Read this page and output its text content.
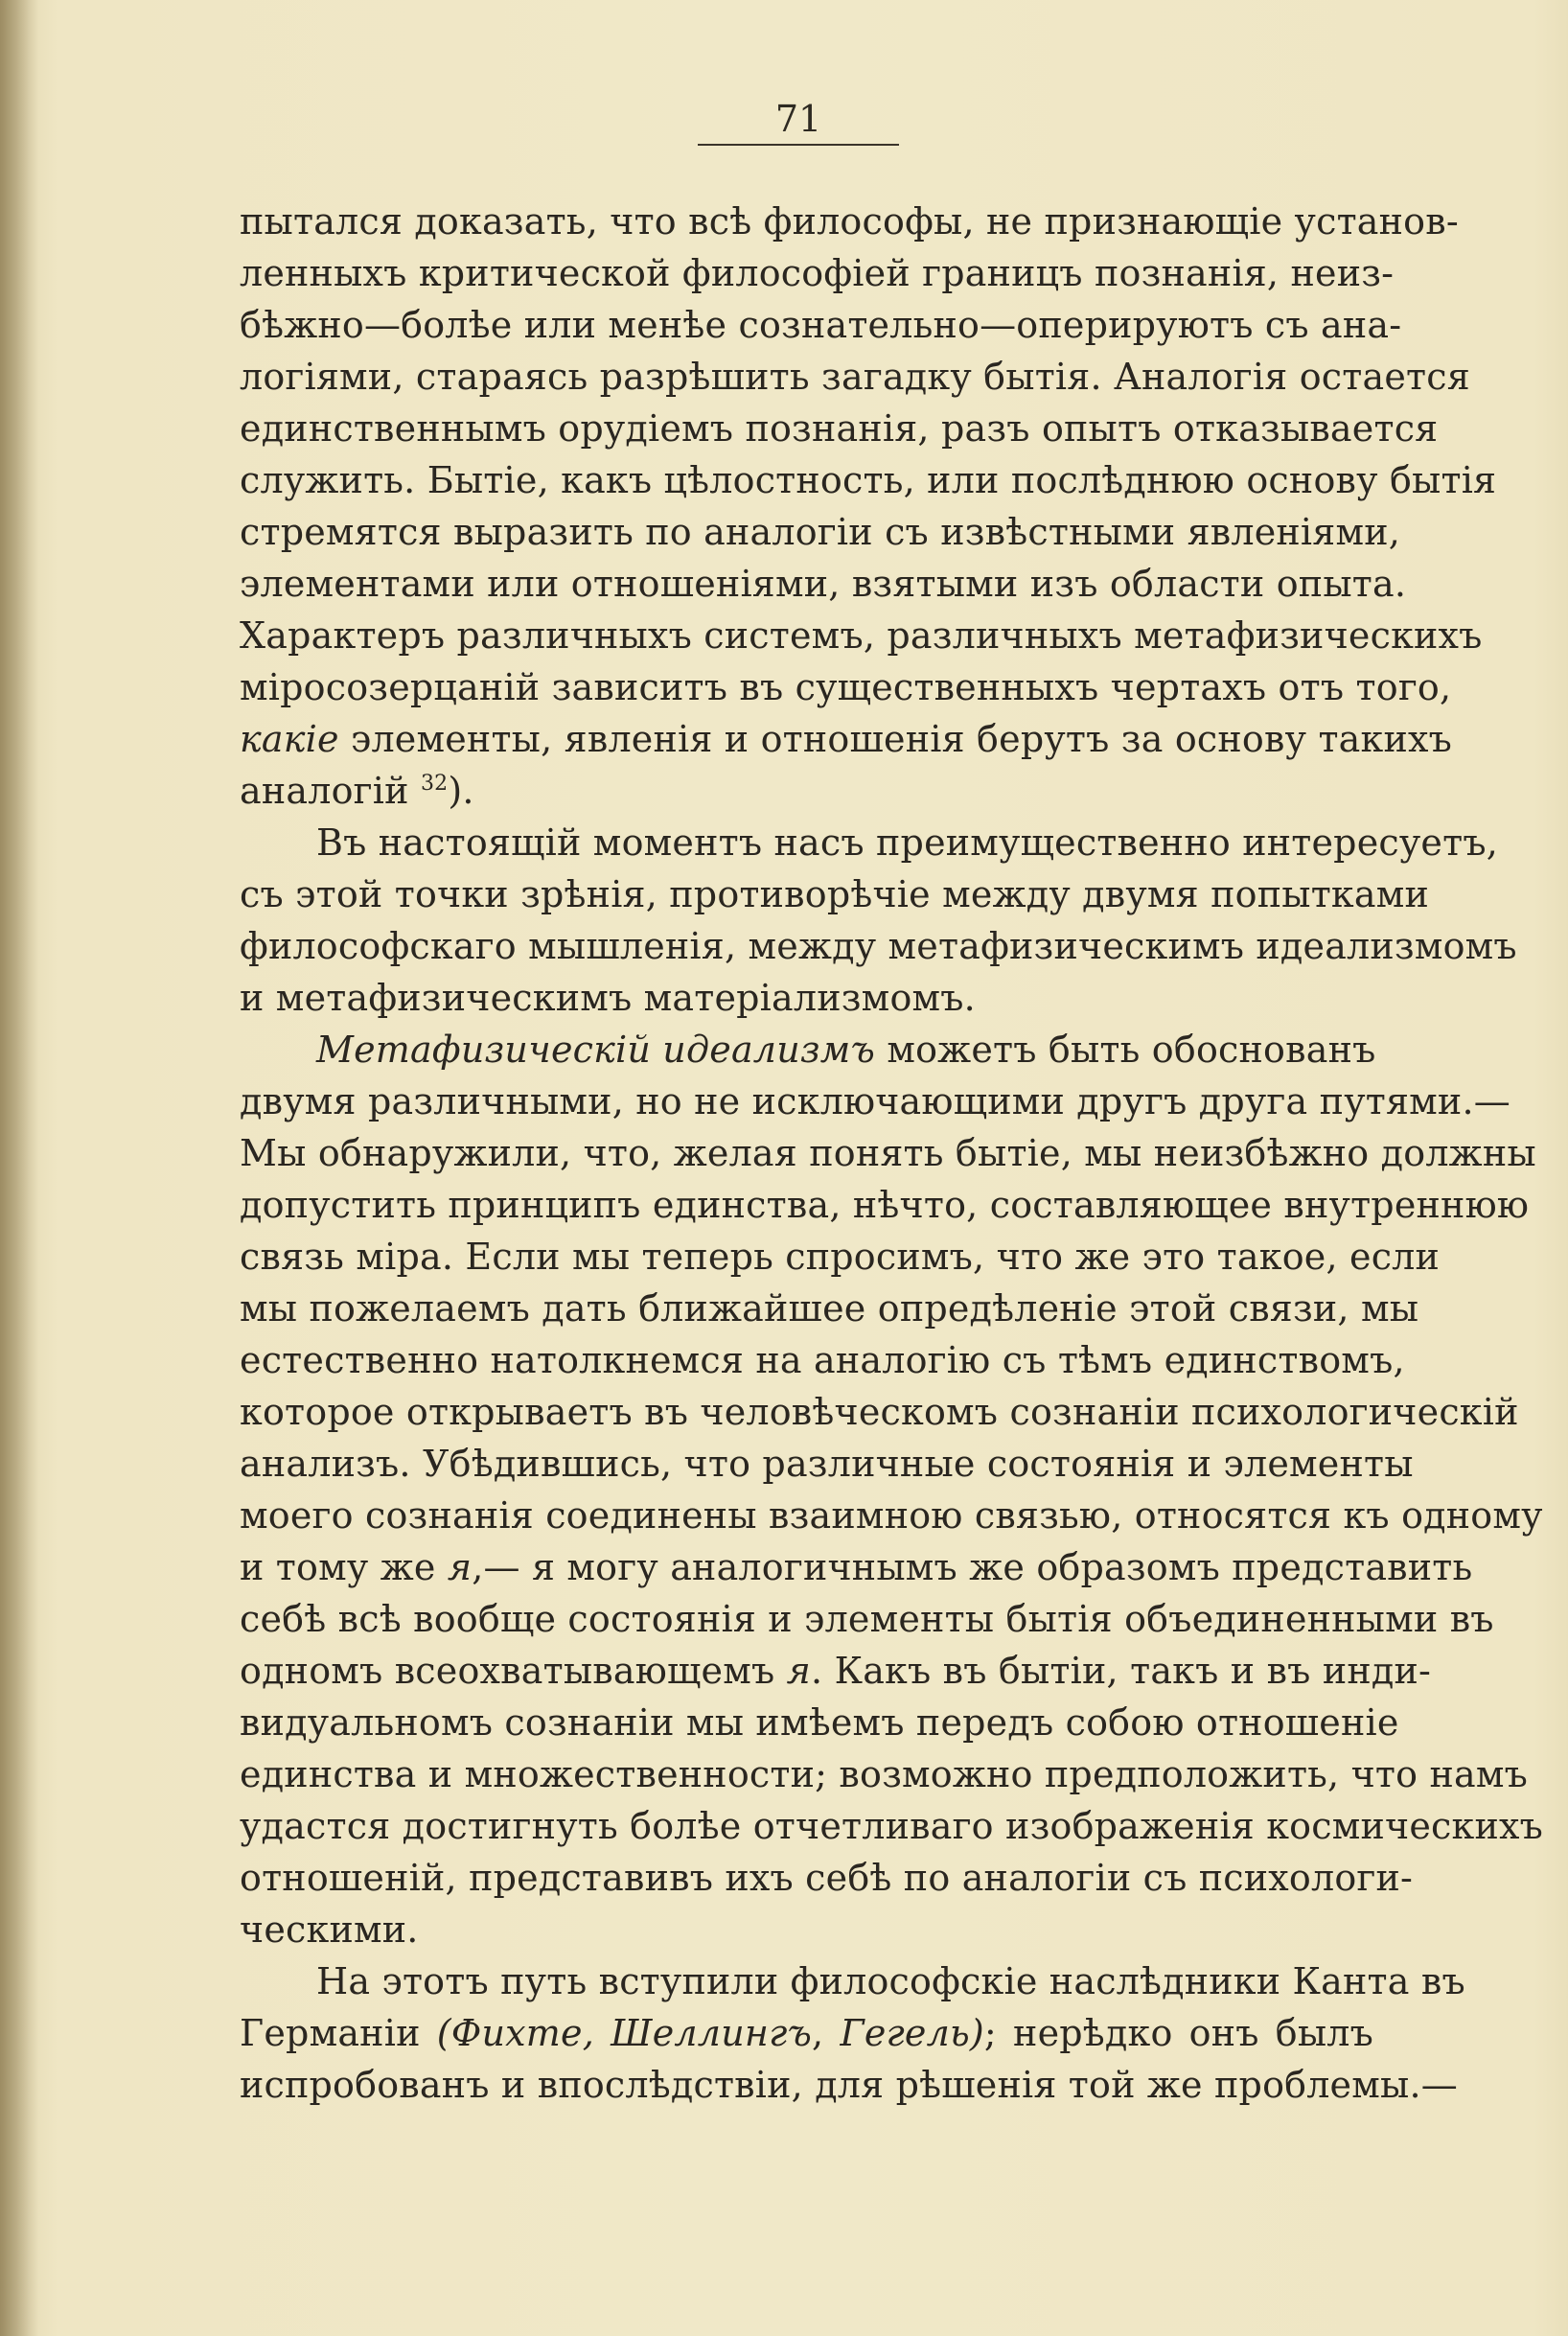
71
пытался доказать, что всѣ философы, не признающіе установ-
ленныхъ критической философіей границъ познанія, неиз-
бѣжно—болѣе или менѣе сознательно—оперируютъ съ ана-
логіями, стараясь разрѣшить загадку бытія. Аналогія остается
единственнымъ орудіемъ познанія, разъ опытъ отказывается
служить. Бытіе, какъ цѣлостность, или послѣднюю основу бытія
стремятся выразить по аналогіи съ извѣстными явленіями,
элементами или отношеніями, взятыми изъ области опыта.
Характеръ различныхъ системъ, различныхъ метафизическихъ
міросозерцаній зависитъ въ существенныхъ чертахъ отъ того,
какіе элементы, явленія и отношенія берутъ за основу такихъ
аналогій $^{32}$).
Въ настоящій моментъ насъ преимущественно интересуетъ,
съ этой точки зрѣнія, противорѣчіе между двумя попытками
философскаго мышленія, между метафизическимъ идеализмомъ
и метафизическимъ матеріализмомъ.
Метафизическій идеализмъ можетъ быть обоснованъ
двумя различными, но не исключающими другъ друга путями.—
Мы обнаружили, что, желая понять бытіе, мы неизбѣжно должны
допустить принципъ единства, нѣчто, составляющее внутреннюю
связь міра. Если мы теперь спросимъ, что же это такое, если
мы пожелаемъ дать ближайшее опредѣленіе этой связи, мы
естественно натолкнемся на аналогію съ тѣмъ единствомъ,
которое открываетъ въ человѣческомъ сознаніи психологическій
анализъ. Убѣдившись, что различные состоянія и элементы
моего сознанія соединены взаимною связью, относятся къ одному
и тому же я,— я могу аналогичнымъ же образомъ представить
себѣ всѣ вообще состоянія и элементы бытія объединенными въ
одномъ всеохватывающемъ я. Какъ въ бытіи, такъ и въ инди-
видуальномъ сознаніи мы имѣемъ передъ собою отношеніе
единства и множественности; возможно предположить, что намъ
удастся достигнуть болѣе отчетливаго изображенія космическихъ
отношеній, представивъ ихъ себѣ по аналогіи съ психологи-
ческими.
На этотъ путь вступили философскіе наслѣдники Канта въ
Германіи (Фихте, Шеллингъ, Гегель); нерѣдко онъ былъ
испробованъ и впослѣдствіи, для рѣшенія той же проблемы.—
